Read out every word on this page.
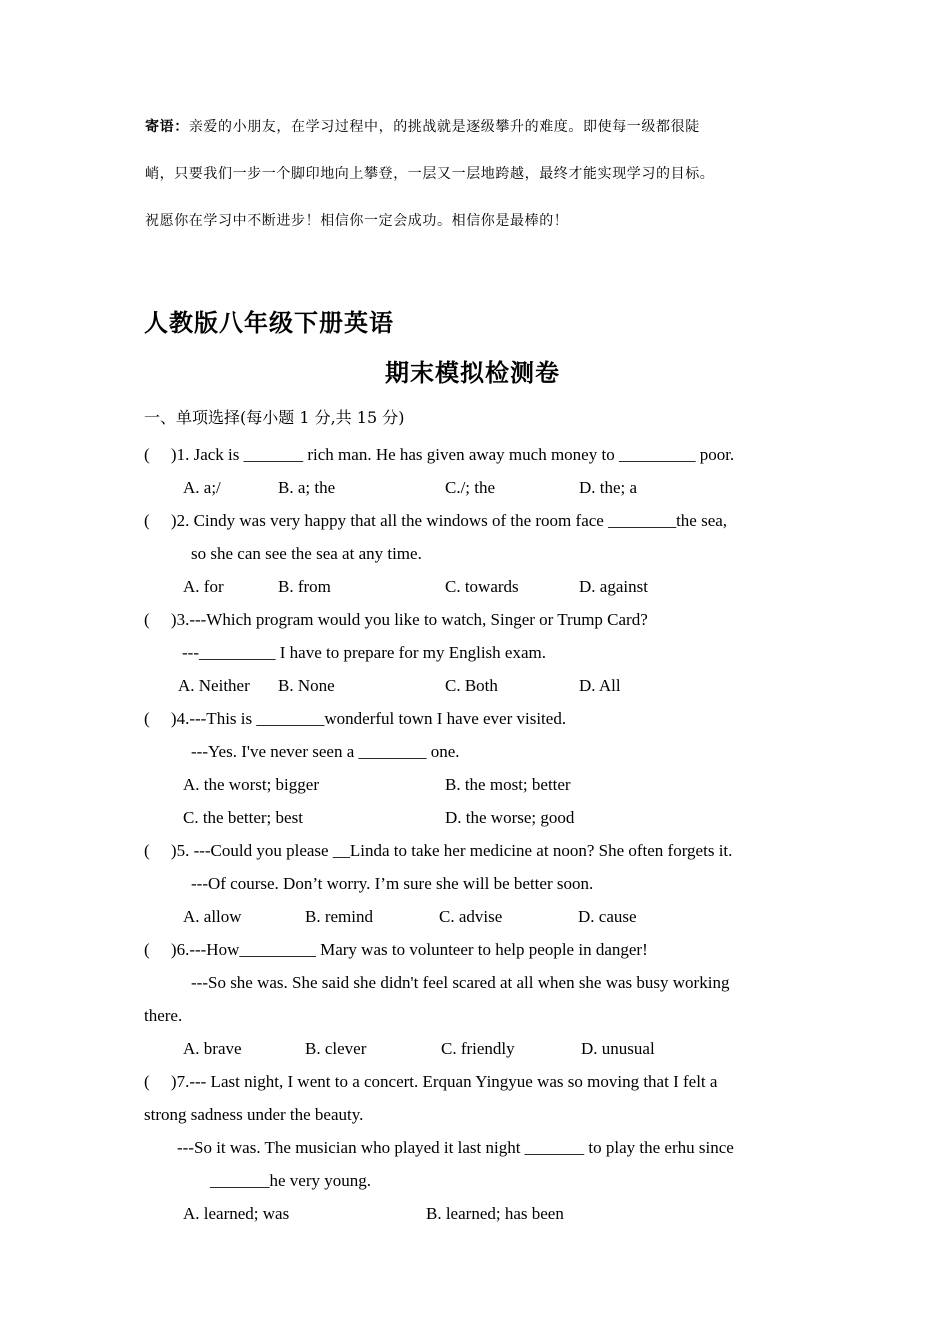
寄语：亲爱的小朋友，在学习过程中，的挑战就是逐级攀升的难度。即使每一级都很陡
峭，只要我们一步一个脚印地向上攀登，一层又一层地跨越，最终才能实现学习的目标。
祝愿你在学习中不断进步！相信你一定会成功。相信你是最棒的！
人教版八年级下册英语
期末模拟检测卷
一、单项选择(每小题 1 分,共 15 分)
(     )1. Jack is _______ rich man. He has given away much money to _________ poor.
A. a;/	B. a; the	C./; the	D. the; a
(     )2. Cindy was very happy that all the windows of the room face ________the sea,
so she can see the sea at any time.
A. for	B. from	C. towards	D. against
(     )3.---Which program would you like to watch, Singer or Trump Card?
---_________ I have to prepare for my English exam.
A. Neither B. None	C. Both	D. All
(     )4.---This is ________wonderful town I have ever visited.
---Yes. I've never seen a ________ one.
A. the worst; bigger	B. the most; better
C. the better; best	D. the worse; good
(     )5. ---Could you please __Linda to take her medicine at noon? She often forgets it.
---Of course. Don’t worry. I’m sure she will be better soon.
A. allow	B. remind	C. advise	D. cause
(     )6.---How_________ Mary was to volunteer to help people in danger!
---So she was. She said she didn't feel scared at all when she was busy working
there.
A. brave	B. clever	C. friendly	D. unusual
(     )7.--- Last night, I went to a concert. Erquan Yingyue was so moving that I felt a
strong sadness under the beauty.
---So it was. The musician who played it last night _______ to play the erhu since
_______he very young.
A. learned; was	B. learned; has been
